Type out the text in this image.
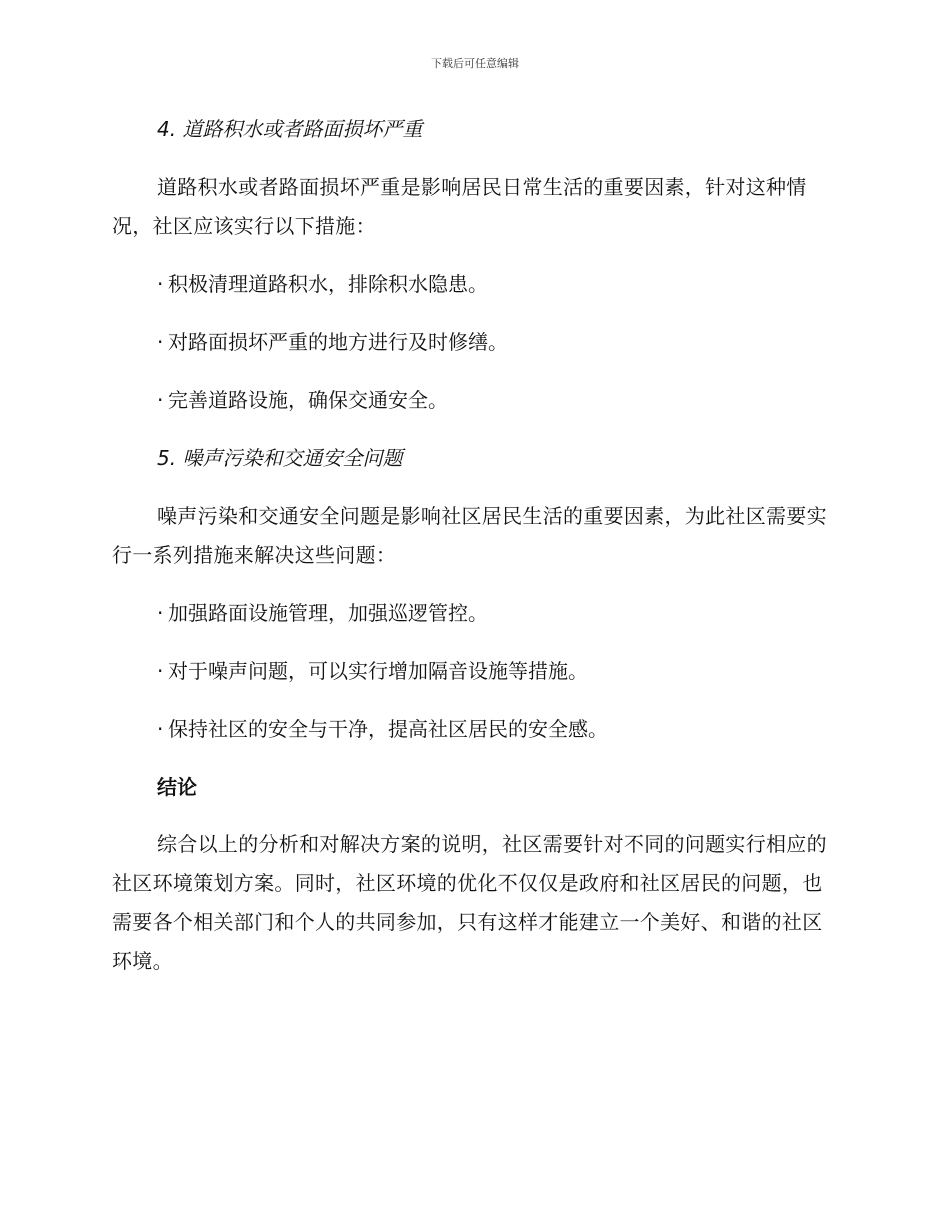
下载后可任意编辑
4. 道路积水或者路面损坏严重

道路积水或者路面损坏严重是影响居民日常生活的重要因素，针对这种情况，社区应该实行以下措施：

· 积极清理道路积水，排除积水隐患。
· 对路面损坏严重的地方进行及时修缮。
· 完善道路设施，确保交通安全。
5. 噪声污染和交通安全问题

噪声污染和交通安全问题是影响社区居民生活的重要因素，为此社区需要实行一系列措施来解决这些问题：

· 加强路面设施管理，加强巡逻管控。
· 对于噪声问题，可以实行增加隔音设施等措施。
· 保持社区的安全与干净，提高社区居民的安全感。
结论

综合以上的分析和对解决方案的说明，社区需要针对不同的问题实行相应的社区环境策划方案。同时，社区环境的优化不仅仅是政府和社区居民的问题，也需要各个相关部门和个人的共同参加，只有这样才能建立一个美好、和谐的社区环境。
